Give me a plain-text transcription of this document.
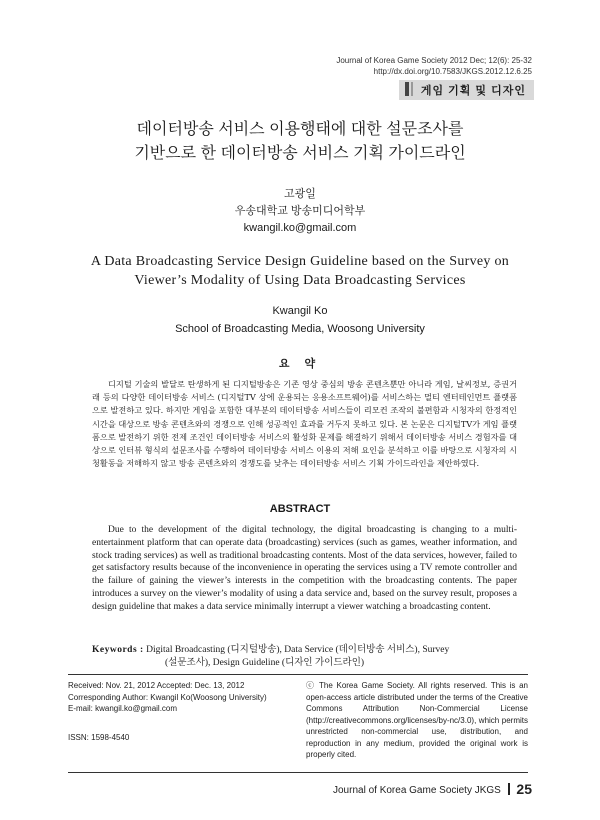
Journal of Korea Game Society 2012 Dec; 12(6): 25-32
http://dx.doi.org/10.7583/JKGS.2012.12.6.25
게임 기획 및 디자인
데이터방송 서비스 이용행태에 대한 설문조사를
기반으로 한 데이터방송 서비스 기획 가이드라인
고광일
우송대학교 방송미디어학부
kwangil.ko@gmail.com
A Data Broadcasting Service Design Guideline based on the Survey on
Viewer’s Modality of Using Data Broadcasting Services
Kwangil Ko
School of Broadcasting Media, Woosong University
요 약

디지털 기술의 발달로 탄생하게 된 디지털방송은 기존 영상 중심의 방송 콘텐츠뿐만 아니라 게임, 날씨정보, 증권거래 등의 다양한 데이터방송 서비스 (디지털TV 상에 운용되는 응용소프트웨어)를 서비스하는 멀티 엔터테인먼트 플랫폼으로 발전하고 있다. 하지만 게임을 포함한 대부분의 데이터방송 서비스들이 리모컨 조작의 불편함과 시청자의 한정적인 시간을 대상으로 방송 콘텐츠와의 경쟁으로 인해 성공적인 효과를 거두지 못하고 있다. 본 논문은 디지털TV가 게임 플랫폼으로 발전하기 위한 전제 조건인 데이터방송 서비스의 활성화 문제를 해결하기 위해서 데이터방송 서비스 경험자를 대상으로 인터뷰 형식의 설문조사를 수행하여 데이터방송 서비스 이용의 저해 요인을 분석하고 이를 바탕으로 시청자의 시청활동을 저해하지 않고 방송 콘텐츠와의 경쟁도를 낮추는 데이터방송 서비스 기획 가이드라인을 제안하였다.

ABSTRACT

Due to the development of the digital technology, the digital broadcasting is changing to a multi-entertainment platform that can operate data (broadcasting) services (such as games, weather information, and stock trading services) as well as traditional broadcasting contents. Most of the data services, however, failed to get satisfactory results because of the inconvenience in operating the services using a TV remote controller and the failure of gaining the viewer’s interests in the competition with the broadcasting contents. The paper introduces a survey on the viewer’s modality of using a data service and, based on the survey result, proposes a design guideline that makes a data service minimally interrupt a viewer watching a broadcasting content.

Keywords : Digital Broadcasting (디지털방송), Data Service (데이터방송 서비스), Survey
(설문조사), Design Guideline (디자인 가이드라인)
Received: Nov. 21, 2012 Accepted: Dec. 13, 2012
Corresponding Author: Kwangil Ko(Woosong University)
E-mail: kwangil.ko@gmail.com
ⓒ The Korea Game Society. All rights reserved. This is an open-access article distributed under the terms of the Creative Commons Attribution Non-Commercial License (http://creativecommons.org/licenses/by-nc/3.0), which permits unrestricted non-commercial use, distribution, and reproduction in any medium, provided the original work is properly cited.
ISSN: 1598-4540
Journal of Korea Game Society JKGS 25
